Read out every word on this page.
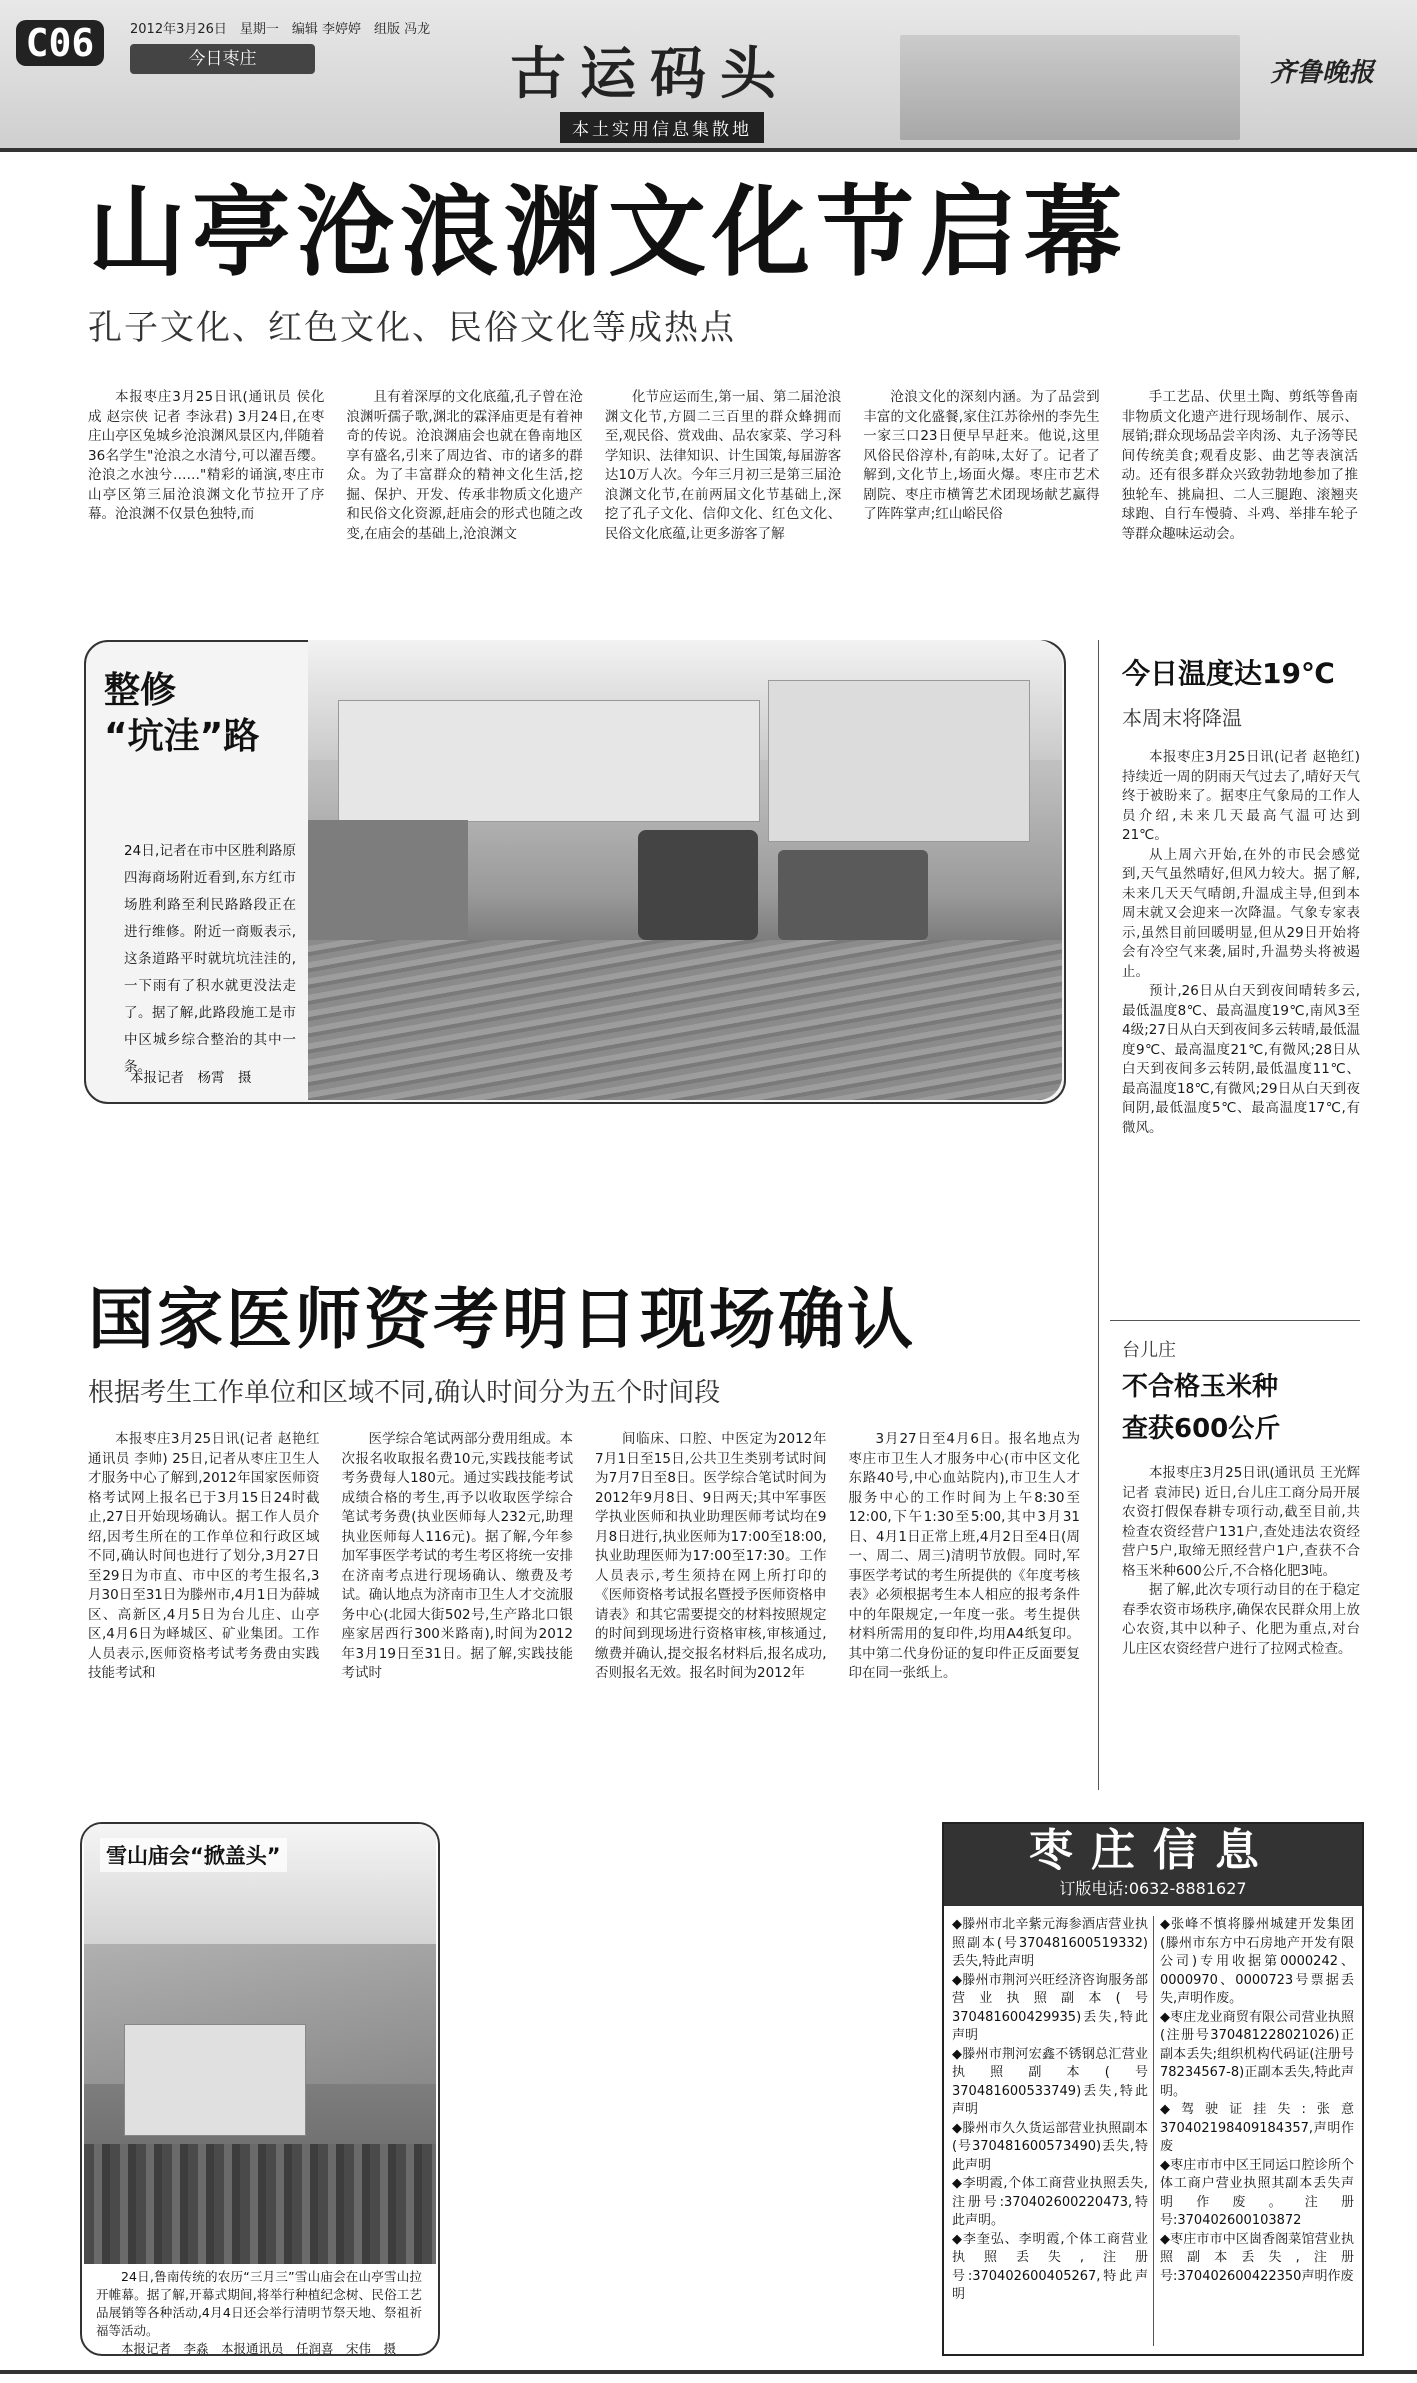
C06	2012年3月26日　星期一　编辑 李婷婷　组版 冯龙
今日枣庄	古运码头
本土实用信息集散地
齐鲁晚报
山亭沧浪渊文化节启幕
孔子文化、红色文化、民俗文化等成热点

本报枣庄3月25日讯(通讯员 侯化成 赵宗侠 记者 李泳君) 3月24日,在枣庄山亭区兔城乡沧浪渊风景区内,伴随着36名学生"沧浪之水清兮,可以濯吾缨。沧浪之水浊兮……"精彩的诵演,枣庄市山亭区第三届沧浪渊文化节拉开了序幕。沧浪渊不仅景色独特,而

且有着深厚的文化底蕴,孔子曾在沧浪渊听孺子歌,渊北的霖泽庙更是有着神奇的传说。沧浪渊庙会也就在鲁南地区享有盛名,引来了周边省、市的诸多的群众。为了丰富群众的精神文化生活,挖掘、保护、开发、传承非物质文化遗产和民俗文化资源,赶庙会的形式也随之改变,在庙会的基础上,沧浪渊文

化节应运而生,第一届、第二届沧浪渊文化节,方圆二三百里的群众蜂拥而至,观民俗、赏戏曲、品农家菜、学习科学知识、法律知识、计生国策,每届游客达10万人次。今年三月初三是第三届沧浪渊文化节,在前两届文化节基础上,深挖了孔子文化、信仰文化、红色文化、民俗文化底蕴,让更多游客了解

沧浪文化的深刻内涵。为了品尝到丰富的文化盛餐,家住江苏徐州的李先生一家三口23日便早早赶来。他说,这里风俗民俗淳朴,有韵味,太好了。记者了解到,文化节上,场面火爆。枣庄市艺术剧院、枣庄市横箐艺术团现场献艺赢得了阵阵掌声;红山峪民俗

手工艺品、伏里土陶、剪纸等鲁南非物质文化遗产进行现场制作、展示、展销;群众现场品尝辛肉汤、丸子汤等民间传统美食;观看皮影、曲艺等表演活动。还有很多群众兴致勃勃地参加了推独轮车、挑扁担、二人三腿跑、滚翘夹球跑、自行车慢骑、斗鸡、举排车轮子等群众趣味运动会。

整修
“坑洼”路
24日,记者在市中区胜利路原四海商场附近看到,东方红市场胜利路至利民路路段正在进行维修。附近一商贩表示,这条道路平时就坑坑洼洼的,一下雨有了积水就更没法走了。据了解,此路段施工是市中区城乡综合整治的其中一条。
本报记者　杨霄　摄
今日温度达19℃
本周末将降温

本报枣庄3月25日讯(记者 赵艳红) 持续近一周的阴雨天气过去了,晴好天气终于被盼来了。据枣庄气象局的工作人员介绍,未来几天最高气温可达到21℃。

从上周六开始,在外的市民会感觉到,天气虽然晴好,但风力较大。据了解,未来几天天气晴朗,升温成主导,但到本周末就又会迎来一次降温。气象专家表示,虽然目前回暖明显,但从29日开始将会有冷空气来袭,届时,升温势头将被遏止。

预计,26日从白天到夜间晴转多云,最低温度8℃、最高温度19℃,南风3至4级;27日从白天到夜间多云转晴,最低温度9℃、最高温度21℃,有微风;28日从白天到夜间多云转阴,最低温度11℃、最高温度18℃,有微风;29日从白天到夜间阴,最低温度5℃、最高温度17℃,有微风。

国家医师资考明日现场确认
根据考生工作单位和区域不同,确认时间分为五个时间段

本报枣庄3月25日讯(记者 赵艳红 通讯员 李帅) 25日,记者从枣庄卫生人才服务中心了解到,2012年国家医师资格考试网上报名已于3月15日24时截止,27日开始现场确认。据工作人员介绍,因考生所在的工作单位和行政区域不同,确认时间也进行了划分,3月27日至29日为市直、市中区的考生报名,3月30日至31日为滕州市,4月1日为薛城区、高新区,4月5日为台儿庄、山亭区,4月6日为峄城区、矿业集团。工作人员表示,医师资格考试考务费由实践技能考试和

医学综合笔试两部分费用组成。本次报名收取报名费10元,实践技能考试考务费每人180元。通过实践技能考试成绩合格的考生,再予以收取医学综合笔试考务费(执业医师每人232元,助理执业医师每人116元)。据了解,今年参加军事医学考试的考生考区将统一安排在济南考点进行现场确认、缴费及考试。确认地点为济南市卫生人才交流服务中心(北园大街502号,生产路北口银座家居西行300米路南),时间为2012年3月19日至31日。据了解,实践技能考试时

间临床、口腔、中医定为2012年7月1日至15日,公共卫生类别考试时间为7月7日至8日。医学综合笔试时间为2012年9月8日、9日两天;其中军事医学执业医师和执业助理医师考试均在9月8日进行,执业医师为17:00至18:00,执业助理医师为17:00至17:30。工作人员表示,考生须持在网上所打印的《医师资格考试报名暨授予医师资格申请表》和其它需要提交的材料按照规定的时间到现场进行资格审核,审核通过,缴费并确认,提交报名材料后,报名成功,否则报名无效。报名时间为2012年

3月27日至4月6日。报名地点为枣庄市卫生人才服务中心(市中区文化东路40号,中心血站院内),市卫生人才服务中心的工作时间为上午8:30至12:00,下午1:30至5:00,其中3月31日、4月1日正常上班,4月2日至4日(周一、周二、周三)清明节放假。同时,军事医学考试的考生所提供的《年度考核表》必须根据考生本人相应的报考条件中的年限规定,一年度一张。考生提供材料所需用的复印件,均用A4纸复印。其中第二代身份证的复印件正反面要复印在同一张纸上。

台儿庄
不合格玉米种
查获600公斤

本报枣庄3月25日讯(通讯员 王光辉 记者 袁沛民) 近日,台儿庄工商分局开展农资打假保春耕专项行动,截至目前,共检查农资经营户131户,查处违法农资经营户5户,取缔无照经营户1户,查获不合格玉米种600公斤,不合格化肥3吨。

据了解,此次专项行动目的在于稳定春季农资市场秩序,确保农民群众用上放心农资,其中以种子、化肥为重点,对台儿庄区农资经营户进行了拉网式检查。

雪山庙会“掀盖头”

24日,鲁南传统的农历“三月三”雪山庙会在山亭雪山拉开帷幕。据了解,开幕式期间,将举行种植纪念树、民俗工艺品展销等各种活动,4月4日还会举行清明节祭天地、祭祖祈福等活动。

本报记者　李淼　本报通讯员　任润喜　宋伟　摄

枣庄信息
订版电话:0632-8881627
◆滕州市北辛紫元海参酒店营业执照副本(号370481600519332)丢失,特此声明
◆滕州市荆河兴旺经济咨询服务部营业执照副本(号370481600429935)丢失,特此声明
◆滕州市荆河宏鑫不锈钢总汇营业执照副本(号370481600533749)丢失,特此声明
◆滕州市久久货运部营业执照副本(号370481600573490)丢失,特此声明
◆李明霞,个体工商营业执照丢失,注册号:370402600220473,特此声明。
◆李奎弘、李明霞,个体工商营业执照丢失,注册号:370402600405267,特此声明
◆张峰不慎将滕州城建开发集团(滕州市东方中石房地产开发有限公司)专用收据第0000242、0000970、0000723号票据丢失,声明作废。
◆枣庄龙业商贸有限公司营业执照(注册号370481228021026)正副本丢失;组织机构代码证(注册号78234567-8)正副本丢失,特此声明。
◆驾驶证挂失:张意370402198409184357,声明作废
◆枣庄市市中区王同运口腔诊所个体工商户营业执照其副本丢失声明作废。注册号:370402600103872
◆枣庄市市中区崮香阁菜馆营业执照副本丢失,注册号:370402600422350声明作废
